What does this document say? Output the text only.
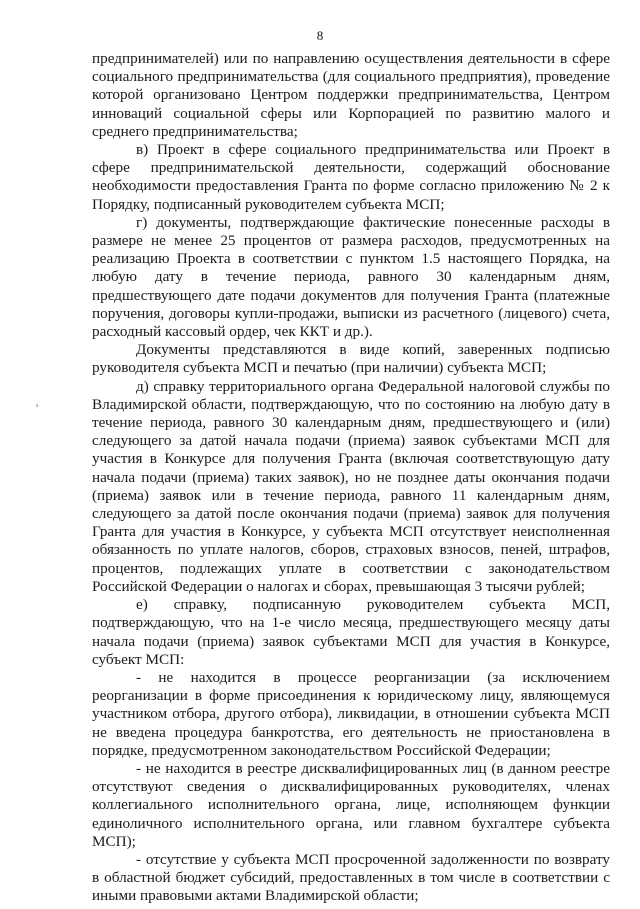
8
'

предпринимателей) или по направлению осуществления деятельности в сфере социального предпринимательства (для социального предприятия), проведение которой организовано Центром поддержки предпринимательства, Центром инноваций социальной сферы или Корпорацией по развитию малого и среднего предпринимательства;

в) Проект в сфере социального предпринимательства или Проект в сфере предпринимательской деятельности, содержащий обоснование необходимости предоставления Гранта по форме согласно приложению № 2 к Порядку, подписанный руководителем субъекта МСП;

г) документы, подтверждающие фактические понесенные расходы в размере не менее 25 процентов от размера расходов, предусмотренных на реализацию Проекта в соответствии с пунктом 1.5 настоящего Порядка, на любую дату в течение периода, равного 30 календарным дням, предшествующего дате подачи документов для получения Гранта (платежные поручения, договоры купли-продажи, выписки из расчетного (лицевого) счета, расходный кассовый ордер, чек ККТ и др.).

Документы представляются в виде копий, заверенных подписью руководителя субъекта МСП и печатью (при наличии) субъекта МСП;

д) справку территориального органа Федеральной налоговой службы по Владимирской области, подтверждающую, что по состоянию на любую дату в течение периода, равного 30 календарным дням, предшествующего и (или) следующего за датой начала подачи (приема) заявок субъектами МСП для участия в Конкурсе для получения Гранта (включая соответствующую дату начала подачи (приема) таких заявок), но не позднее даты окончания подачи (приема) заявок или в течение периода, равного 11 календарным дням, следующего за датой после окончания подачи (приема) заявок для получения Гранта для участия в Конкурсе, у субъекта МСП отсутствует неисполненная обязанность по уплате налогов, сборов, страховых взносов, пеней, штрафов, процентов, подлежащих уплате в соответствии с законодательством Российской Федерации о налогах и сборах, превышающая 3 тысячи рублей;

е) справку, подписанную руководителем субъекта МСП, подтверждающую, что на 1-е число месяца, предшествующего месяцу даты начала подачи (приема) заявок субъектами МСП для участия в Конкурсе, субъект МСП:

- не находится в процессе реорганизации (за исключением реорганизации в форме присоединения к юридическому лицу, являющемуся участником отбора, другого отбора), ликвидации, в отношении субъекта МСП не введена процедура банкротства, его деятельность не приостановлена в порядке, предусмотренном законодательством Российской Федерации;

- не находится в реестре дисквалифицированных лиц (в данном реестре отсутствуют сведения о дисквалифицированных руководителях, членах коллегиального исполнительного органа, лице, исполняющем функции единоличного исполнительного органа, или главном бухгалтере субъекта МСП);

- отсутствие у субъекта МСП просроченной задолженности по возврату в областной бюджет субсидий, предоставленных в том числе в соответствии с иными правовыми актами Владимирской области;
